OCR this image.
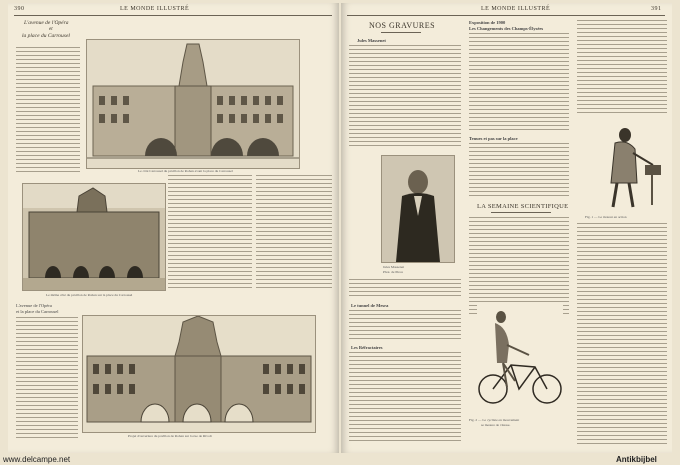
390	LE MONDE ILLUSTRÉ
L'avenue de l'Opéra
et
la place du Carrousel
Le côté Carrousel du pavillon de Rohan avant la place du Carrousel
Le même côté du pavillon de Rohan sur la place du Carrousel
L'avenue de l'Opéra
et la place du Carrousel
Projet d'ouverture du pavillon de Rohan sur la rue de Rivoli
LE MONDE ILLUSTRÉ	391
NOS GRAVURES
Jules Massenet
Jules Massenet
Phot. de Pirou
Le tunnel de Mesra
Les Réfractaires
Exposition de 1900
Les Changements des Champs-Élysées
Tenues et pas sur la place
LA SEMAINE SCIENTIFIQUE
Fig. 2 — Le cycliste en mouvement
se mesure de vitesse.
Fig. 1 — Le moteur en action
www.delcampe.net	Antikbijbel
